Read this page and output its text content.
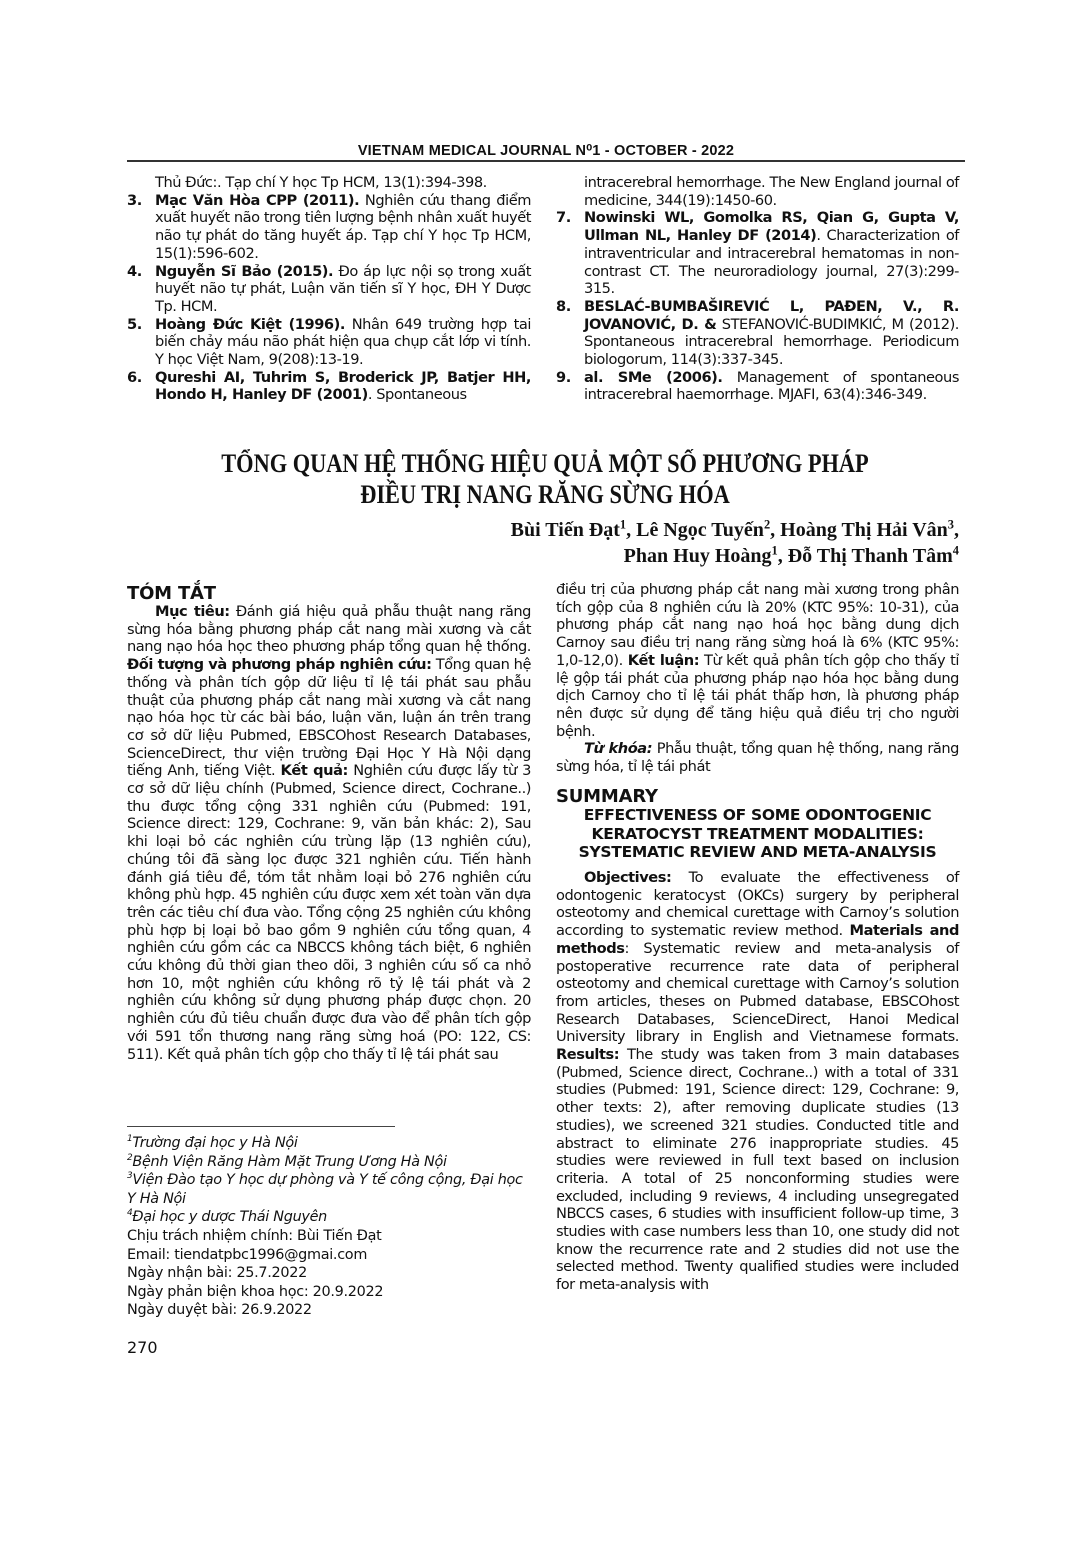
VIETNAM MEDICAL JOURNAL N⁰1 - OCTOBER - 2022
Thủ Đức:. Tạp chí Y học Tp HCM, 13(1):394-398.
3. Mạc Văn Hòa CPP (2011). Nghiên cứu thang điểm xuất huyết não trong tiên lượng bệnh nhân xuất huyết não tự phát do tăng huyết áp. Tạp chí Y học Tp HCM, 15(1):596-602.
4. Nguyễn Sĩ Bảo (2015). Đo áp lực nội sọ trong xuất huyết não tự phát, Luận văn tiến sĩ Y học, ĐH Y Dược Tp. HCM.
5. Hoàng Đức Kiệt (1996). Nhân 649 trường hợp tai biến chảy máu não phát hiện qua chụp cắt lớp vi tính. Y học Việt Nam, 9(208):13-19.
6. Qureshi AI, Tuhrim S, Broderick JP, Batjer HH, Hondo H, Hanley DF (2001). Spontaneous
intracerebral hemorrhage. The New England journal of medicine, 344(19):1450-60.
7. Nowinski WL, Gomolka RS, Qian G, Gupta V, Ullman NL, Hanley DF (2014). Characterization of intraventricular and intracerebral hematomas in non-contrast CT. The neuroradiology journal, 27(3):299-315.
8. BESLAĆ-BUMBAŠIREVIĆ L, PAĐEN, V., R. JOVANOVIĆ, D. & STEFANOVIĆ-BUDIMKIĆ, M (2012). Spontaneous intracerebral hemorrhage. Periodicum biologorum, 114(3):337-345.
9. al. SMe (2006). Management of spontaneous intracerebral haemorrhage. MJAFI, 63(4):346-349.
TỔNG QUAN HỆ THỐNG HIỆU QUẢ MỘT SỐ PHƯƠNG PHÁP
ĐIỀU TRỊ NANG RĂNG SỪNG HÓA
Bùi Tiến Đạt$^1$, Lê Ngọc Tuyến$^2$, Hoàng Thị Hải Vân$^3$,
Phan Huy Hoàng$^1$, Đỗ Thị Thanh Tâm$^4$
TÓM TẮT

Mục tiêu: Đánh giá hiệu quả phẫu thuật nang răng sừng hóa bằng phương pháp cắt nang mài xương và cắt nang nạo hóa học theo phương pháp tổng quan hệ thống. Đối tượng và phương pháp nghiên cứu: Tổng quan hệ thống và phân tích gộp dữ liệu tỉ lệ tái phát sau phẫu thuật của phương pháp cắt nang mài xương và cắt nang nạo hóa học từ các bài báo, luận văn, luận án trên trang cơ sở dữ liệu Pubmed, EBSCOhost Research Databases, ScienceDirect, thư viện trường Đại Học Y Hà Nội dạng tiếng Anh, tiếng Việt. Kết quả: Nghiên cứu được lấy từ 3 cơ sở dữ liệu chính (Pubmed, Science direct, Cochrane..) thu được tổng cộng 331 nghiên cứu (Pubmed: 191, Science direct: 129, Cochrane: 9, văn bản khác: 2), Sau khi loại bỏ các nghiên cứu trùng lặp (13 nghiên cứu), chúng tôi đã sàng lọc được 321 nghiên cứu. Tiến hành đánh giá tiêu đề, tóm tắt nhằm loại bỏ 276 nghiên cứu không phù hợp. 45 nghiên cứu được xem xét toàn văn dựa trên các tiêu chí đưa vào. Tổng cộng 25 nghiên cứu không phù hợp bị loại bỏ bao gồm 9 nghiên cứu tổng quan, 4 nghiên cứu gồm các ca NBCCS không tách biệt, 6 nghiên cứu không đủ thời gian theo dõi, 3 nghiên cứu số ca nhỏ hơn 10, một nghiên cứu không rõ tỷ lệ tái phát và 2 nghiên cứu không sử dụng phương pháp được chọn. 20 nghiên cứu đủ tiêu chuẩn được đưa vào để phân tích gộp với 591 tổn thương nang răng sừng hoá (PO: 122, CS: 511). Kết quả phân tích gộp cho thấy tỉ lệ tái phát sau

điều trị của phương pháp cắt nang mài xương trong phân tích gộp của 8 nghiên cứu là 20% (KTC 95%: 10-31), của phương pháp cắt nang nạo hoá học bằng dung dịch Carnoy sau điều trị nang răng sừng hoá là 6% (KTC 95%: 1,0-12,0). Kết luận: Từ kết quả phân tích gộp cho thấy tỉ lệ gộp tái phát của phương pháp nạo hóa học bằng dung dịch Carnoy cho tỉ lệ tái phát thấp hơn, là phương pháp nên được sử dụng để tăng hiệu quả điều trị cho người bệnh.

Từ khóa: Phẫu thuật, tổng quan hệ thống, nang răng sừng hóa, tỉ lệ tái phát

SUMMARY
EFFECTIVENESS OF SOME ODONTOGENIC
KERATOCYST TREATMENT MODALITIES:
SYSTEMATIC REVIEW AND META-ANALYSIS

Objectives: To evaluate the effectiveness of odontogenic keratocyst (OKCs) surgery by peripheral osteotomy and chemical curettage with Carnoy’s solution according to systematic review method. Materials and methods: Systematic review and meta-analysis of postoperative recurrence rate data of peripheral osteotomy and chemical curettage with Carnoy’s solution from articles, theses on Pubmed database, EBSCOhost Research Databases, ScienceDirect, Hanoi Medical University library in English and Vietnamese formats. Results: The study was taken from 3 main databases (Pubmed, Science direct, Cochrane..) with a total of 331 studies (Pubmed: 191, Science direct: 129, Cochrane: 9, other texts: 2), after removing duplicate studies (13 studies), we screened 321 studies. Conducted title and abstract to eliminate 276 inappropriate studies. 45 studies were reviewed in full text based on inclusion criteria. A total of 25 nonconforming studies were excluded, including 9 reviews, 4 including unsegregated NBCCS cases, 6 studies with insufficient follow-up time, 3 studies with case numbers less than 10, one study did not know the recurrence rate and 2 studies did not use the selected method. Twenty qualified studies were included for meta-analysis with

$^1$Trường đại học y Hà Nội
$^2$Bệnh Viện Răng Hàm Mặt Trung Ương Hà Nội
$^3$Viện Đào tạo Y học dự phòng và Y tế công cộng, Đại học Y Hà Nội
$^4$Đại học y dược Thái Nguyên
Chịu trách nhiệm chính: Bùi Tiến Đạt
Email: tiendatpbc1996@gmai.com
Ngày nhận bài: 25.7.2022
Ngày phản biện khoa học: 20.9.2022
Ngày duyệt bài: 26.9.2022
270
